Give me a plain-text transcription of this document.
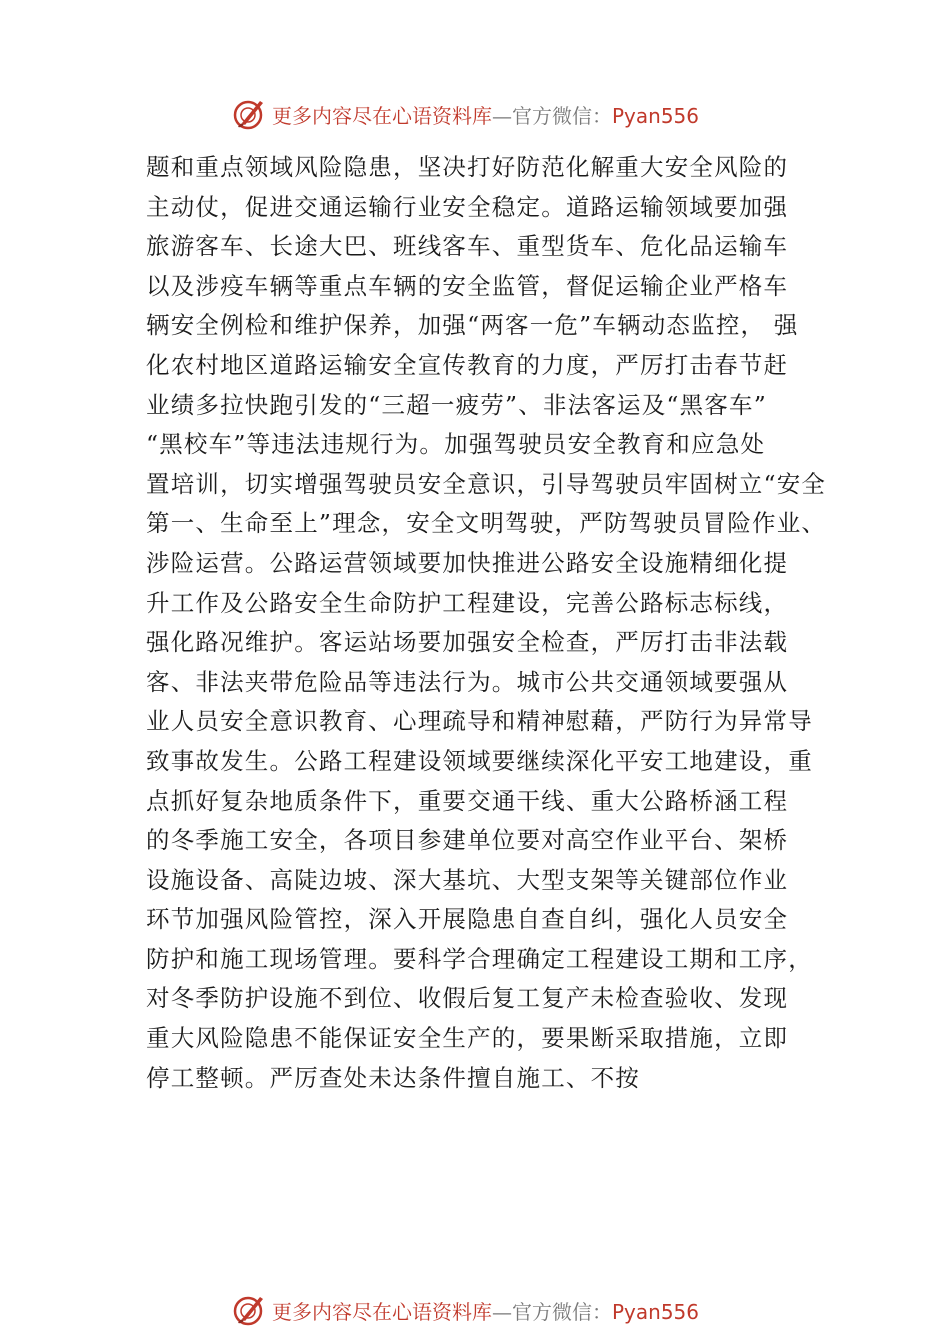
更多内容尽在心语资料库—官方微信：Pyan556
题和重点领域风险隐患，坚决打好防范化解重大安全风险的
主动仗，促进交通运输行业安全稳定。道路运输领域要加强
旅游客车、长途大巴、班线客车、重型货车、危化品运输车
以及涉疫车辆等重点车辆的安全监管，督促运输企业严格车
辆安全例检和维护保养，加强“两客一危”车辆动态监控， 强
化农村地区道路运输安全宣传教育的力度，严厉打击春节赶
业绩多拉快跑引发的“三超一疲劳”、非法客运及“黑客车”
“黑校车”等违法违规行为。加强驾驶员安全教育和应急处
置培训，切实增强驾驶员安全意识，引导驾驶员牢固树立“安全
第一、生命至上”理念，安全文明驾驶，严防驾驶员冒险作业、
涉险运营。公路运营领域要加快推进公路安全设施精细化提
升工作及公路安全生命防护工程建设，完善公路标志标线，
强化路况维护。客运站场要加强安全检查，严厉打击非法载
客、非法夹带危险品等违法行为。城市公共交通领域要强从
业人员安全意识教育、心理疏导和精神慰藉，严防行为异常导
致事故发生。公路工程建设领域要继续深化平安工地建设，重
点抓好复杂地质条件下，重要交通干线、重大公路桥涵工程
的冬季施工安全，各项目参建单位要对高空作业平台、架桥
设施设备、高陡边坡、深大基坑、大型支架等关键部位作业
环节加强风险管控，深入开展隐患自查自纠，强化人员安全
防护和施工现场管理。要科学合理确定工程建设工期和工序，
对冬季防护设施不到位、收假后复工复产未检查验收、发现
重大风险隐患不能保证安全生产的，要果断采取措施，立即
停工整顿。严厉查处未达条件擅自施工、不按
更多内容尽在心语资料库—官方微信：Pyan556
